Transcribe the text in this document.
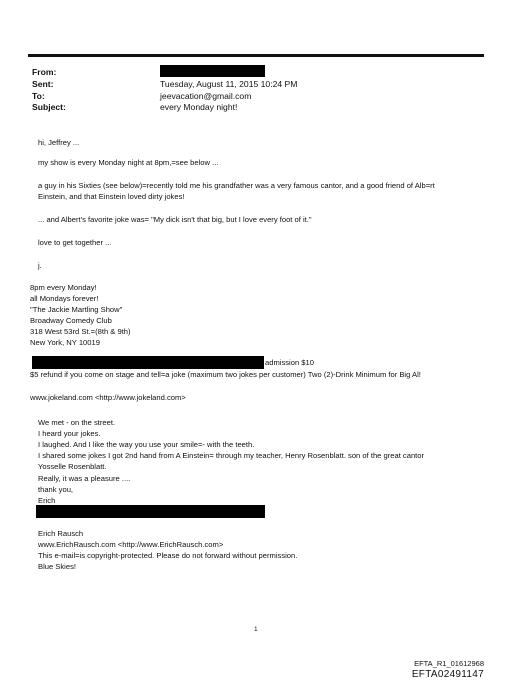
From:
Sent:	Tuesday, August 11, 2015 10:24 PM
To:	jeevacation@gmail.com
Subject:	every Monday night!
hi, Jeffrey ...
my show is every Monday night at 8pm,=see below ...
a guy in his Sixties (see below)=recently told me his grandfather was a very famous cantor, and a good friend of Alb=rt
Einstein, and that Einstein loved dirty jokes!
... and Albert's favorite joke was= "My dick isn't that big, but I love every foot of it."
love to get together ...
j.
8pm every Monday!
all Mondays forever!
"The Jackie Martling Show"
Broadway Comedy Club
318 West 53rd St.=(8th & 9th)
New York, NY 10019
admission $10
$5 refund if you come on stage and tell=a joke (maximum two jokes per customer) Two (2)-Drink Minimum for Big Al!
www.jokeland.com <http://www.jokeland.com>
We met - on the street.
I heard your jokes.
I laughed. And I like the way you use your smile=- with the teeth.
I shared some jokes I got 2nd hand from A Einstein= through my teacher, Henry Rosenblatt. son of the great cantor
Yosselle Rosenblatt.
Really, it was a pleasure ....
thank you,
Erich
Erich Rausch
www.ErichRausch.com <http://www.ErichRausch.com>
This e-mail=is copyright-protected. Please do not forward without permission.
Blue Skies!
1
EFTA_R1_01612968
EFTA02491147
